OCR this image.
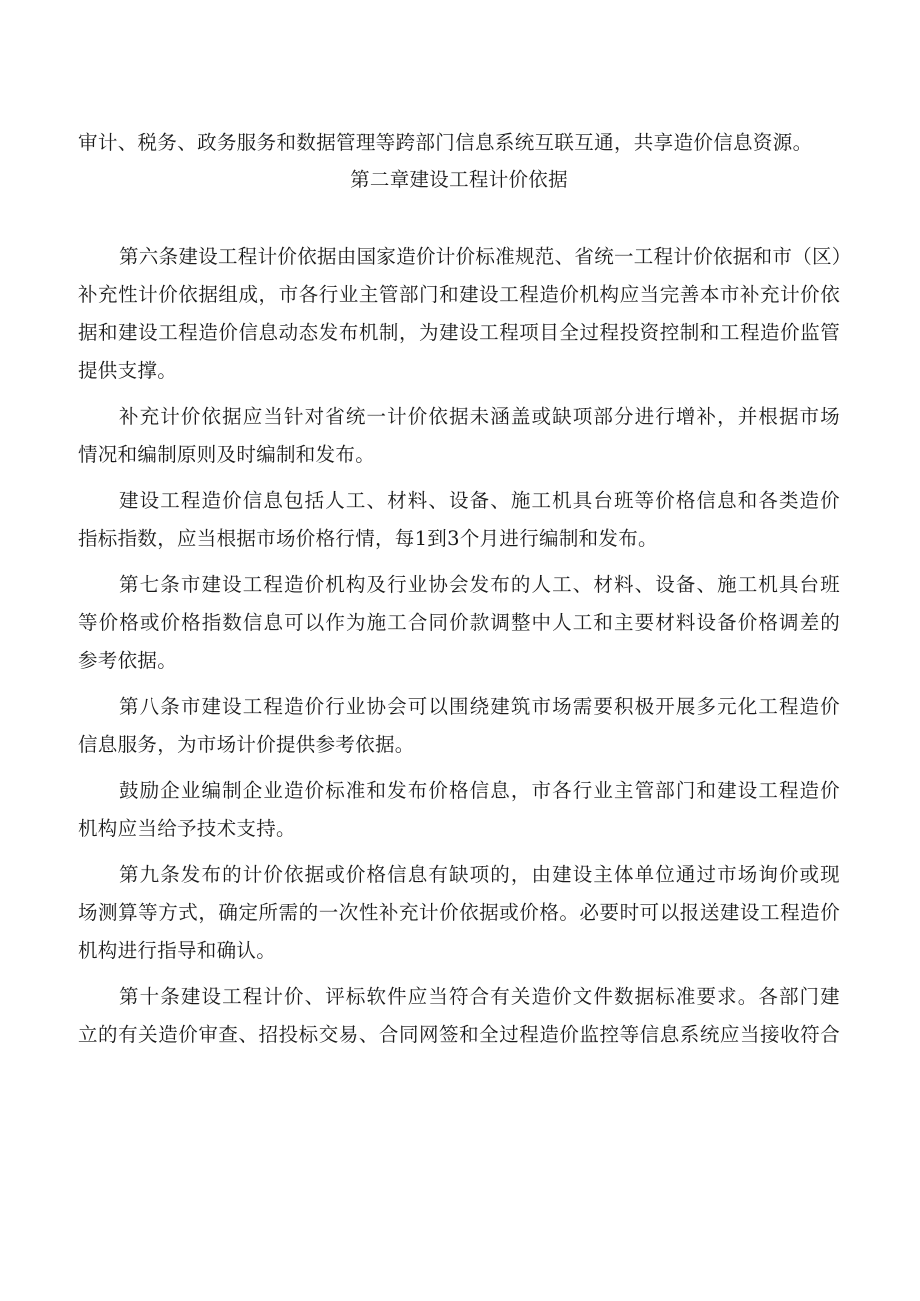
审计、税务、政务服务和数据管理等跨部门信息系统互联互通，共享造价信息资源。
第二章建设工程计价依据
第六条建设工程计价依据由国家造价计价标准规范、省统一工程计价依据和市（区）
补充性计价依据组成，市各行业主管部门和建设工程造价机构应当完善本市补充计价依
据和建设工程造价信息动态发布机制，为建设工程项目全过程投资控制和工程造价监管
提供支撑。
补充计价依据应当针对省统一计价依据未涵盖或缺项部分进行增补，并根据市场
情况和编制原则及时编制和发布。
建设工程造价信息包括人工、材料、设备、施工机具台班等价格信息和各类造价
指标指数，应当根据市场价格行情，每1到3个月进行编制和发布。
第七条市建设工程造价机构及行业协会发布的人工、材料、设备、施工机具台班
等价格或价格指数信息可以作为施工合同价款调整中人工和主要材料设备价格调差的
参考依据。
第八条市建设工程造价行业协会可以围绕建筑市场需要积极开展多元化工程造价
信息服务，为市场计价提供参考依据。
鼓励企业编制企业造价标准和发布价格信息，市各行业主管部门和建设工程造价
机构应当给予技术支持。
第九条发布的计价依据或价格信息有缺项的，由建设主体单位通过市场询价或现
场测算等方式，确定所需的一次性补充计价依据或价格。必要时可以报送建设工程造价
机构进行指导和确认。
第十条建设工程计价、评标软件应当符合有关造价文件数据标准要求。各部门建
立的有关造价审查、招投标交易、合同网签和全过程造价监控等信息系统应当接收符合
